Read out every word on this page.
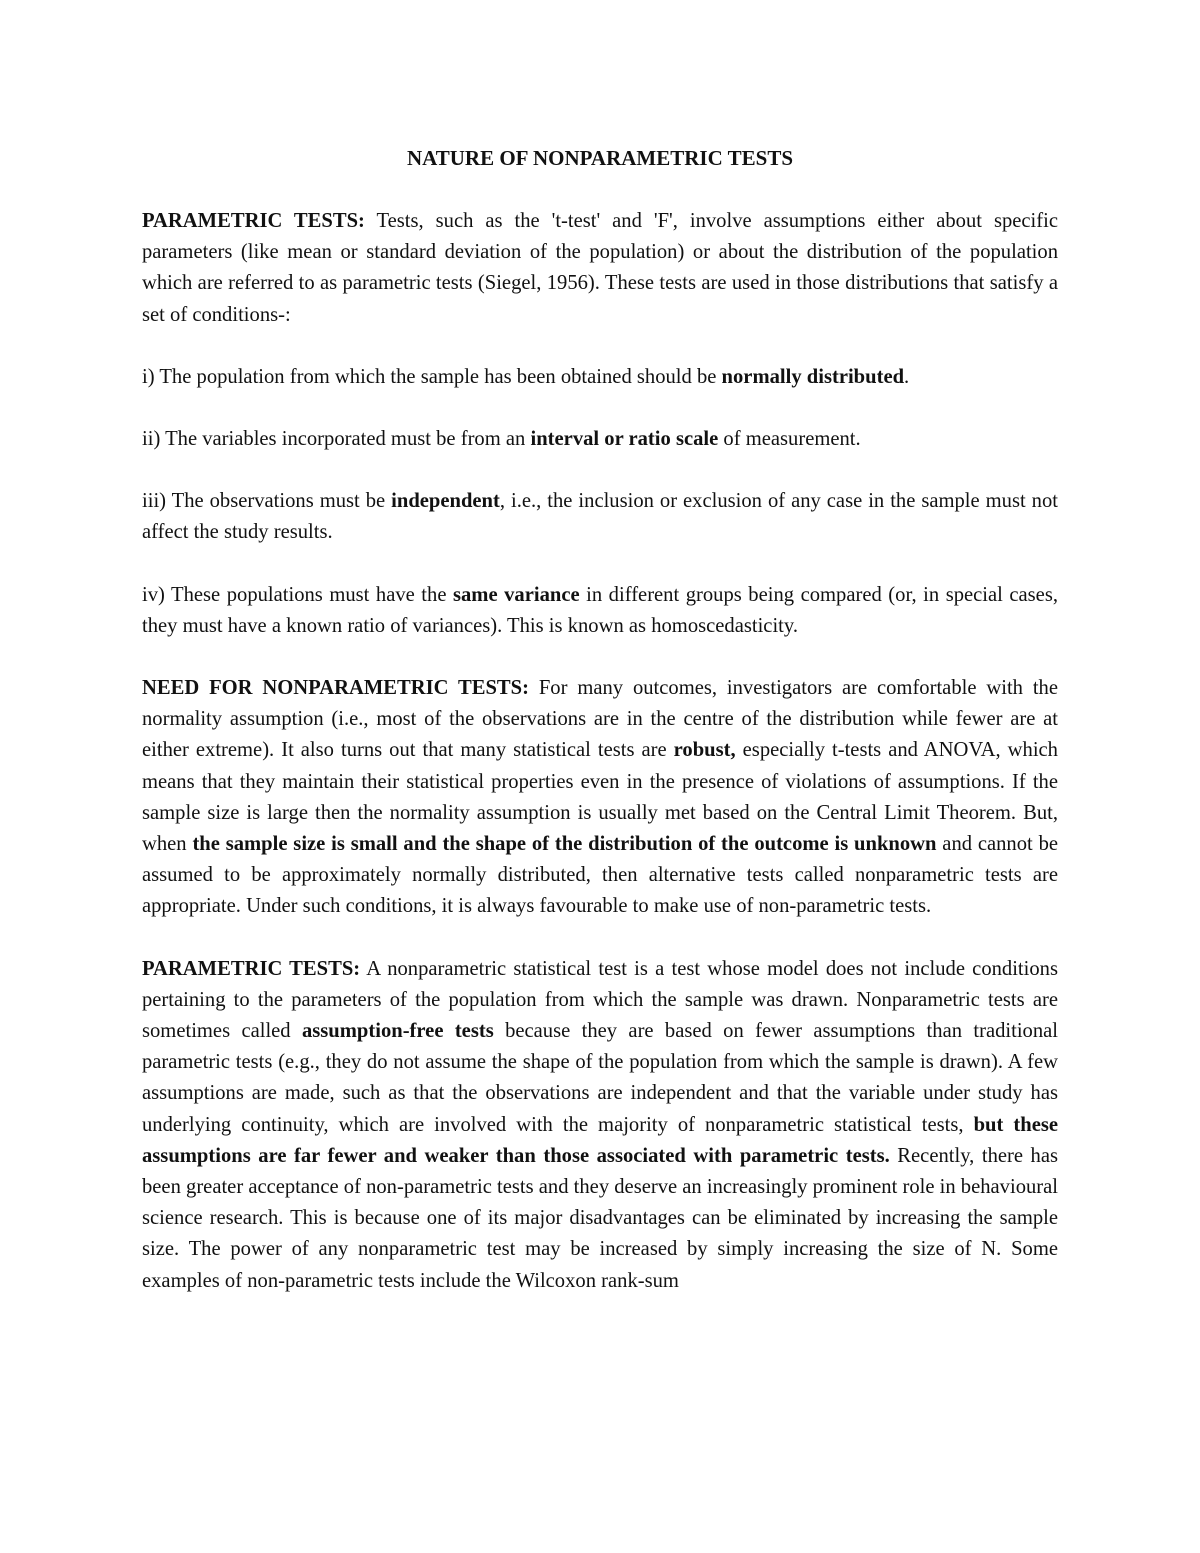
NATURE OF NONPARAMETRIC TESTS

PARAMETRIC TESTS: Tests, such as the 't-test' and 'F', involve assumptions either about specific parameters (like mean or standard deviation of the population) or about the distribution of the population which are referred to as parametric tests (Siegel, 1956). These tests are used in those distributions that satisfy a set of conditions-:

i) The population from which the sample has been obtained should be normally distributed.

ii) The variables incorporated must be from an interval or ratio scale of measurement.

iii) The observations must be independent, i.e., the inclusion or exclusion of any case in the sample must not affect the study results.

iv) These populations must have the same variance in different groups being compared (or, in special cases, they must have a known ratio of variances). This is known as homoscedasticity.

NEED FOR NONPARAMETRIC TESTS: For many outcomes, investigators are comfortable with the normality assumption (i.e., most of the observations are in the centre of the distribution while fewer are at either extreme). It also turns out that many statistical tests are robust, especially t-tests and ANOVA, which means that they maintain their statistical properties even in the presence of violations of assumptions. If the sample size is large then the normality assumption is usually met based on the Central Limit Theorem. But, when the sample size is small and the shape of the distribution of the outcome is unknown and cannot be assumed to be approximately normally distributed, then alternative tests called nonparametric tests are appropriate. Under such conditions, it is always favourable to make use of non-parametric tests.

PARAMETRIC TESTS: A nonparametric statistical test is a test whose model does not include conditions pertaining to the parameters of the population from which the sample was drawn. Nonparametric tests are sometimes called assumption-free tests because they are based on fewer assumptions than traditional parametric tests (e.g., they do not assume the shape of the population from which the sample is drawn). A few assumptions are made, such as that the observations are independent and that the variable under study has underlying continuity, which are involved with the majority of nonparametric statistical tests, but these assumptions are far fewer and weaker than those associated with parametric tests. Recently, there has been greater acceptance of non-parametric tests and they deserve an increasingly prominent role in behavioural science research. This is because one of its major disadvantages can be eliminated by increasing the sample size. The power of any nonparametric test may be increased by simply increasing the size of N. Some examples of non-parametric tests include the Wilcoxon rank-sum
